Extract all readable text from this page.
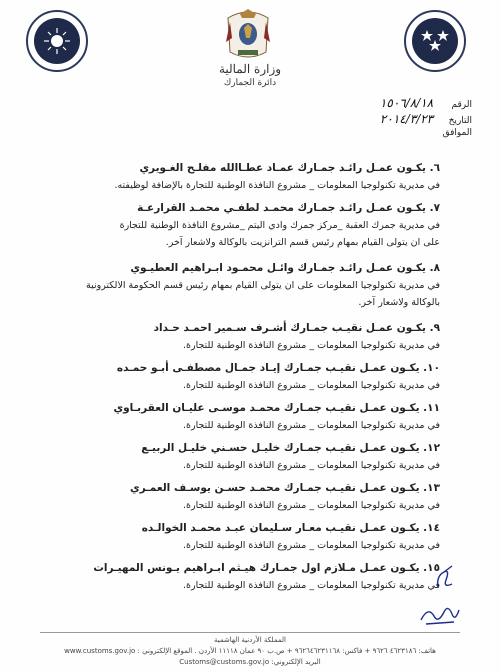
وزارة المالية
دائرة الجمارك
الرقم ١٥٠٦/٨/١٨
التاريخ ٢٠١٤/٣/٢٣
الموافق
٦. يكـون عمـل رائـد جمـارك عمـاد عطـاالله مفلـح الغـويري
في مديرية تكنولوجيا المعلومات _ مشروع النافذة الوطنية للتجارة بالإضافة لوظيفته.
٧. يكـون عمـل رائـد جمـارك محمـد لطفـي محمـد القرارعـة
في مديرية جمرك العقبة _مركز جمرك وادي اليتم _مشروع النافذة الوطنية للتجارة
على ان يتولى القيام بمهام رئيس قسم الترانزيت بالوكالة ولاشعار آخر.
٨. يكـون عمـل رائـد جمـارك وائـل محمـود ابـراهيم العطيـوي
في مديرية تكنولوجيا المعلومات على ان يتولى القيام بمهام رئيس قسم الحكومة الالكترونية
بالوكالة ولاشعار آخر.
٩. يكـون عمـل نقيـب جمـارك أشـرف سـمير احمـد حـداد
في مديرية تكنولوجيا المعلومات _ مشروع النافذة الوطنية للتجارة.
١٠. يكـون عمـل نقيـب جمـارك إيـاد جمـال مصطفـى أبـو حمـده
في مديرية تكنولوجيا المعلومات _ مشروع النافذة الوطنية للتجارة.
١١. يكـون عمـل نقيـب جمـارك محمـد موسـى عليـان العقربـاوي
في مديرية تكنولوجيا المعلومات _ مشروع النافذة الوطنية للتجارة.
١٢. يكـون عمـل نقيـب جمـارك خليـل حسـني خليـل الربيـع
في مديرية تكنولوجيا المعلومات _ مشروع النافذة الوطنية للتجارة.
١٣. يكـون عمـل نقيـب جمـارك محمـد حسـن يوسـف العمـري
في مديرية تكنولوجيا المعلومات _ مشروع النافذة الوطنية للتجارة.
١٤. يكـون عمـل نقيـب معـار سـليمان عبـد محمـد الخوالـده
في مديرية تكنولوجيا المعلومات _ مشروع النافذة الوطنية للتجارة.
١٥. يكـون عمـل مـلازم اول جمـارك هيـثم ابـراهيم يـونس المهيـرات
في مديرية تكنولوجيا المعلومات _ مشروع النافذة الوطنية للتجارة.
المملكة الأردنية الهاشمية
هاتف: ٤٦٢٣١٨٦ ٩٦٢٦ + فاكس: ٩٦٢٦٤٦٢٣١١٦٨ + ص.ب ٩٠ عمان ١١١١٨ الأردن . الموقع الإلكتروني : www.customs.gov.jo
البريد الإلكتروني: Customs@customs.gov.jo
